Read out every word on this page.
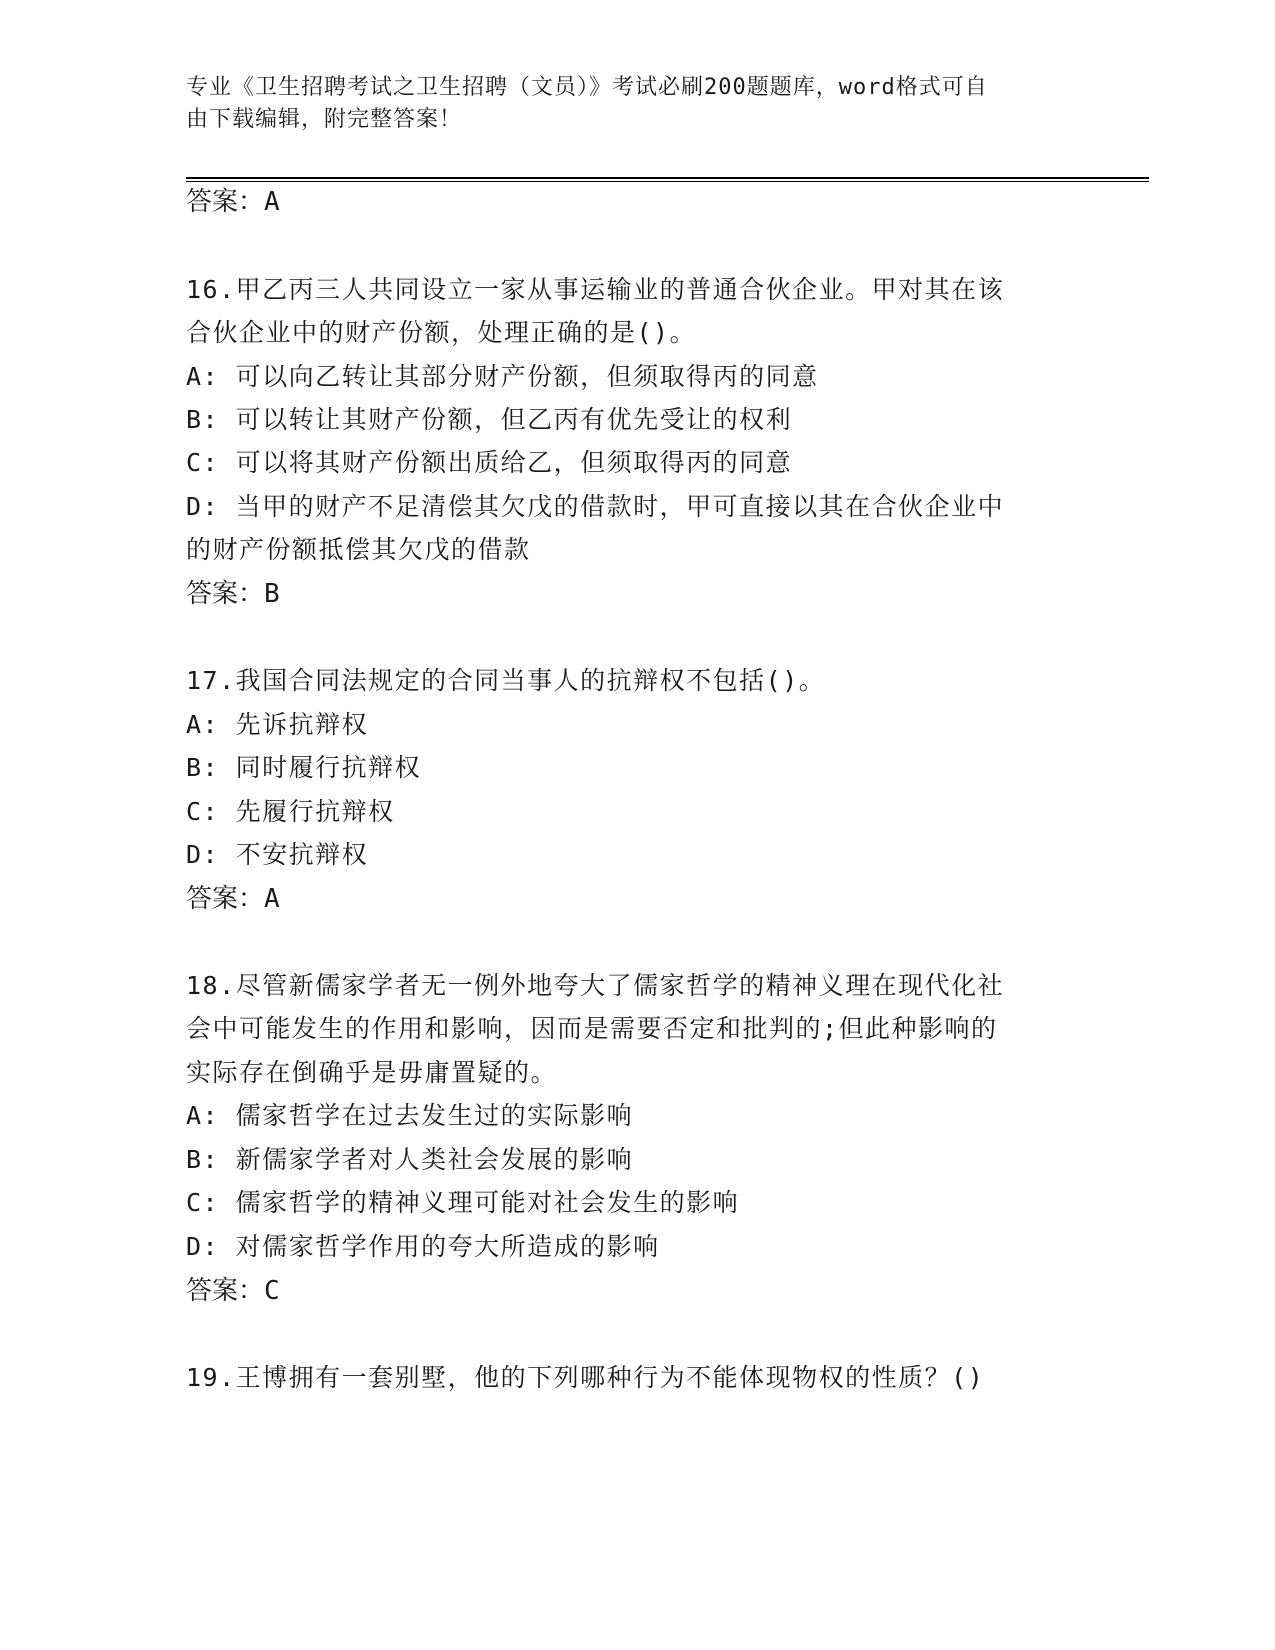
专业《卫生招聘考试之卫生招聘（文员）》考试必刷200题题库，word格式可自
由下载编辑，附完整答案！
答案：A
16.甲乙丙三人共同设立一家从事运输业的普通合伙企业。甲对其在该
合伙企业中的财产份额，处理正确的是()。
A: 可以向乙转让其部分财产份额，但须取得丙的同意
B: 可以转让其财产份额，但乙丙有优先受让的权利
C: 可以将其财产份额出质给乙，但须取得丙的同意
D: 当甲的财产不足清偿其欠戊的借款时，甲可直接以其在合伙企业中
的财产份额抵偿其欠戊的借款
答案：B
17.我国合同法规定的合同当事人的抗辩权不包括()。
A: 先诉抗辩权
B: 同时履行抗辩权
C: 先履行抗辩权
D: 不安抗辩权
答案：A
18.尽管新儒家学者无一例外地夸大了儒家哲学的精神义理在现代化社
会中可能发生的作用和影响，因而是需要否定和批判的;但此种影响的
实际存在倒确乎是毋庸置疑的。
A: 儒家哲学在过去发生过的实际影响
B: 新儒家学者对人类社会发展的影响
C: 儒家哲学的精神义理可能对社会发生的影响
D: 对儒家哲学作用的夸大所造成的影响
答案：C
19.王博拥有一套别墅，他的下列哪种行为不能体现物权的性质？()
